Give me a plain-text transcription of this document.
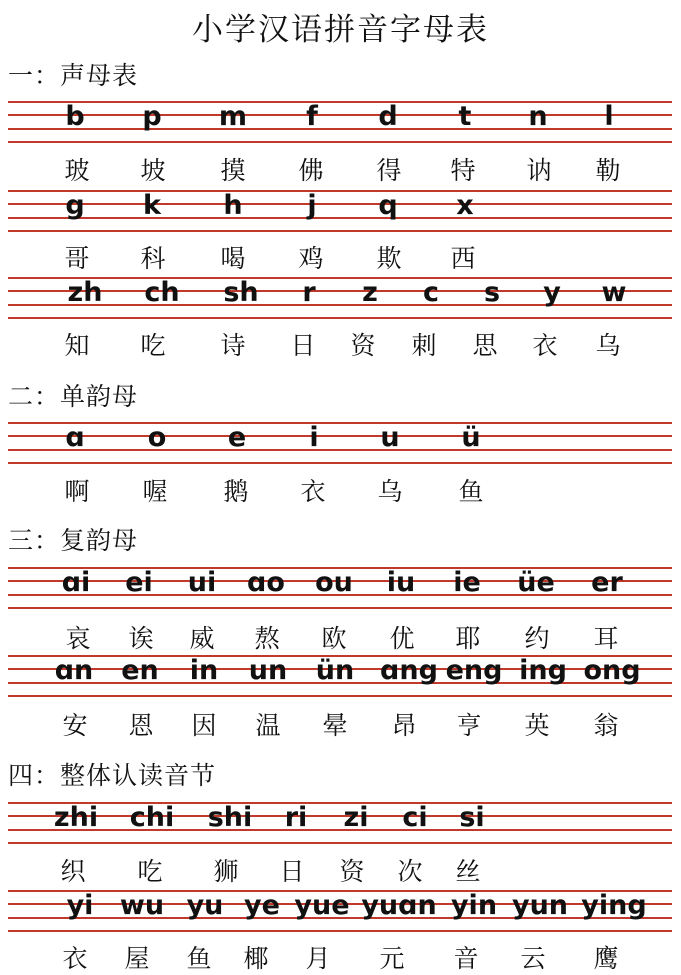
小学汉语拼音字母表
一：声母表
b p m f d t n l
玻 坡 摸 佛 得 特 讷 勒
g k h j q x
哥 科 喝 鸡 欺 西
zh ch sh r z c s y w
知 吃 诗 日 资 刺 思 衣 乌
二：单韵母
ɑ o e i u ü
啊 喔 鹅 衣 乌 鱼
三：复韵母
ɑi ei ui ɑo ou iu ie üe er
哀 诶 威 熬 欧 优 耶 约 耳
ɑn en in un ün ɑng eng ing ong
安 恩 因 温 晕 昂 亨 英 翁
四：整体认读音节
zhi chi shi ri zi ci si
织 吃 狮 日 资 次 丝
yi wu yu ye yue yuɑn yin yun ying
衣 屋 鱼 椰 月 元 音 云 鹰
